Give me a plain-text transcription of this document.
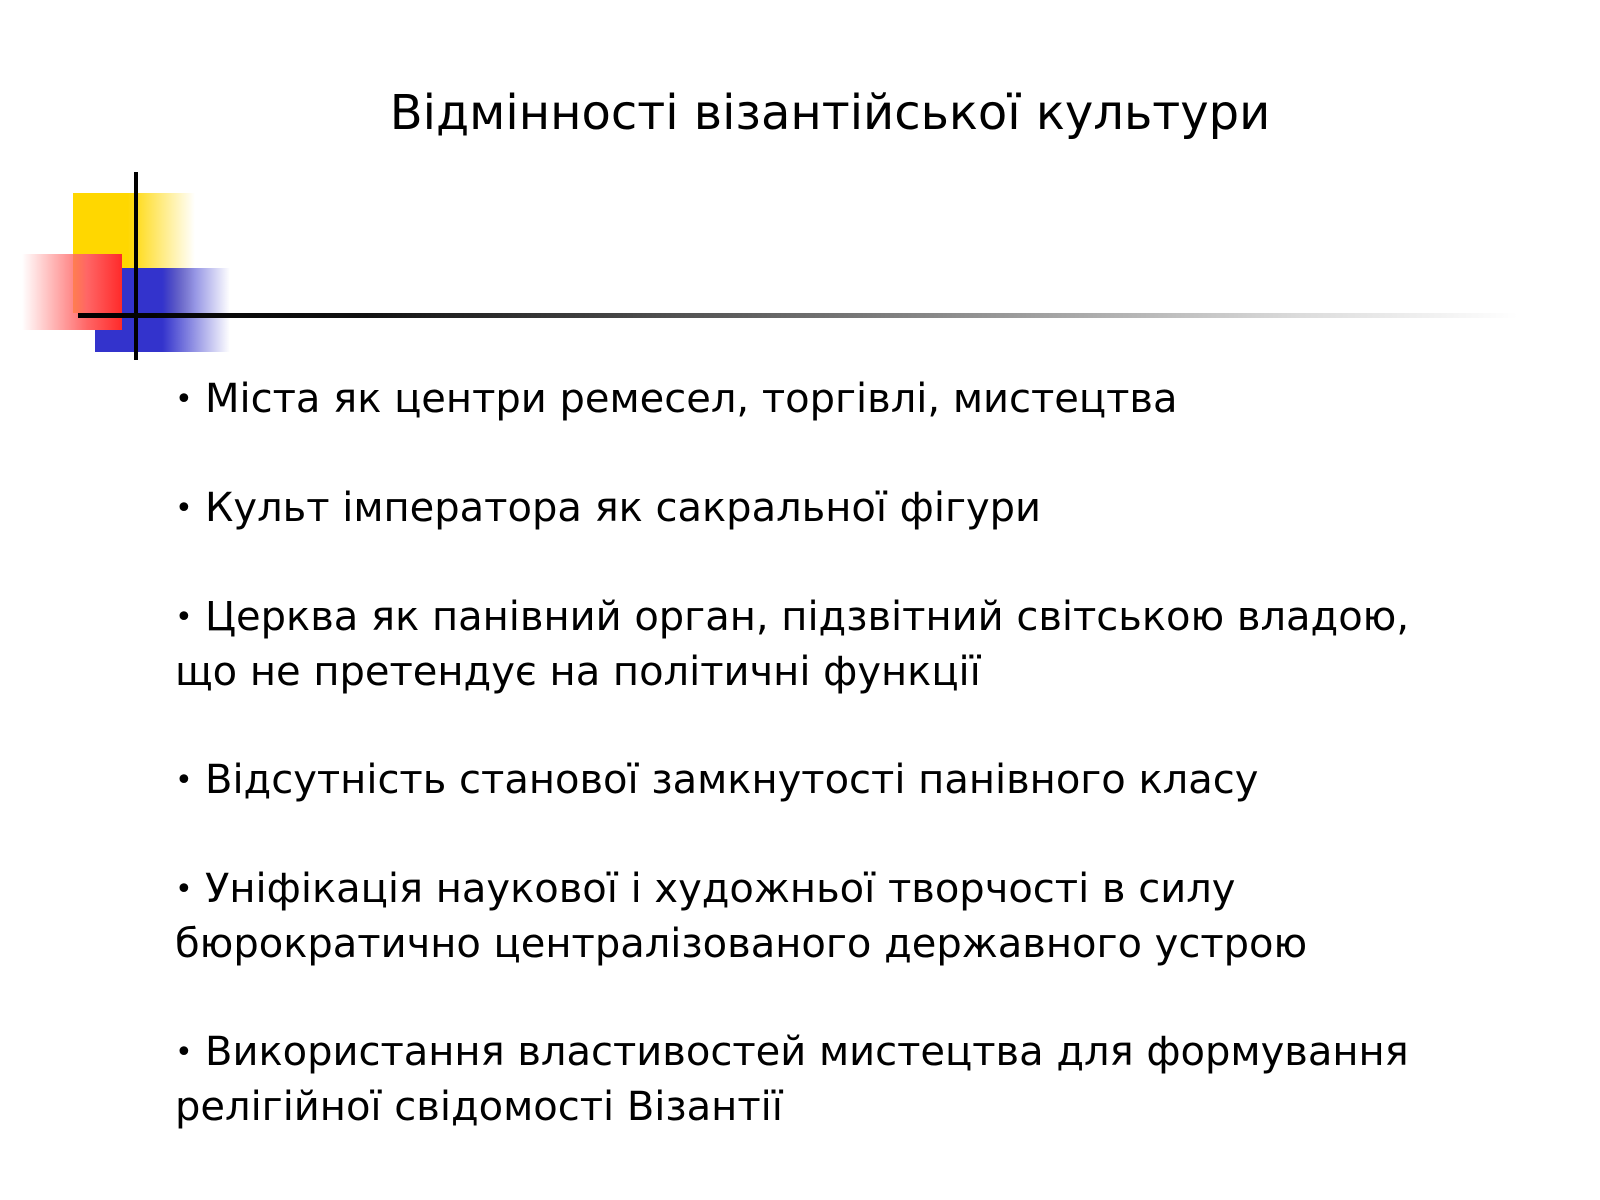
Відмінності візантійської культури
• Міста як центри ремесел, торгівлі, мистецтва
• Культ імператора як сакральної фігури
• Церква як панівний орган, підзвітний світською владою,
що не претендує на політичні функції
• Відсутність станової замкнутості панівного класу
• Уніфікація наукової і художньої творчості в силу
бюрократично централізованого державного устрою
• Використання властивостей мистецтва для формування
релігійної свідомості Візантії
